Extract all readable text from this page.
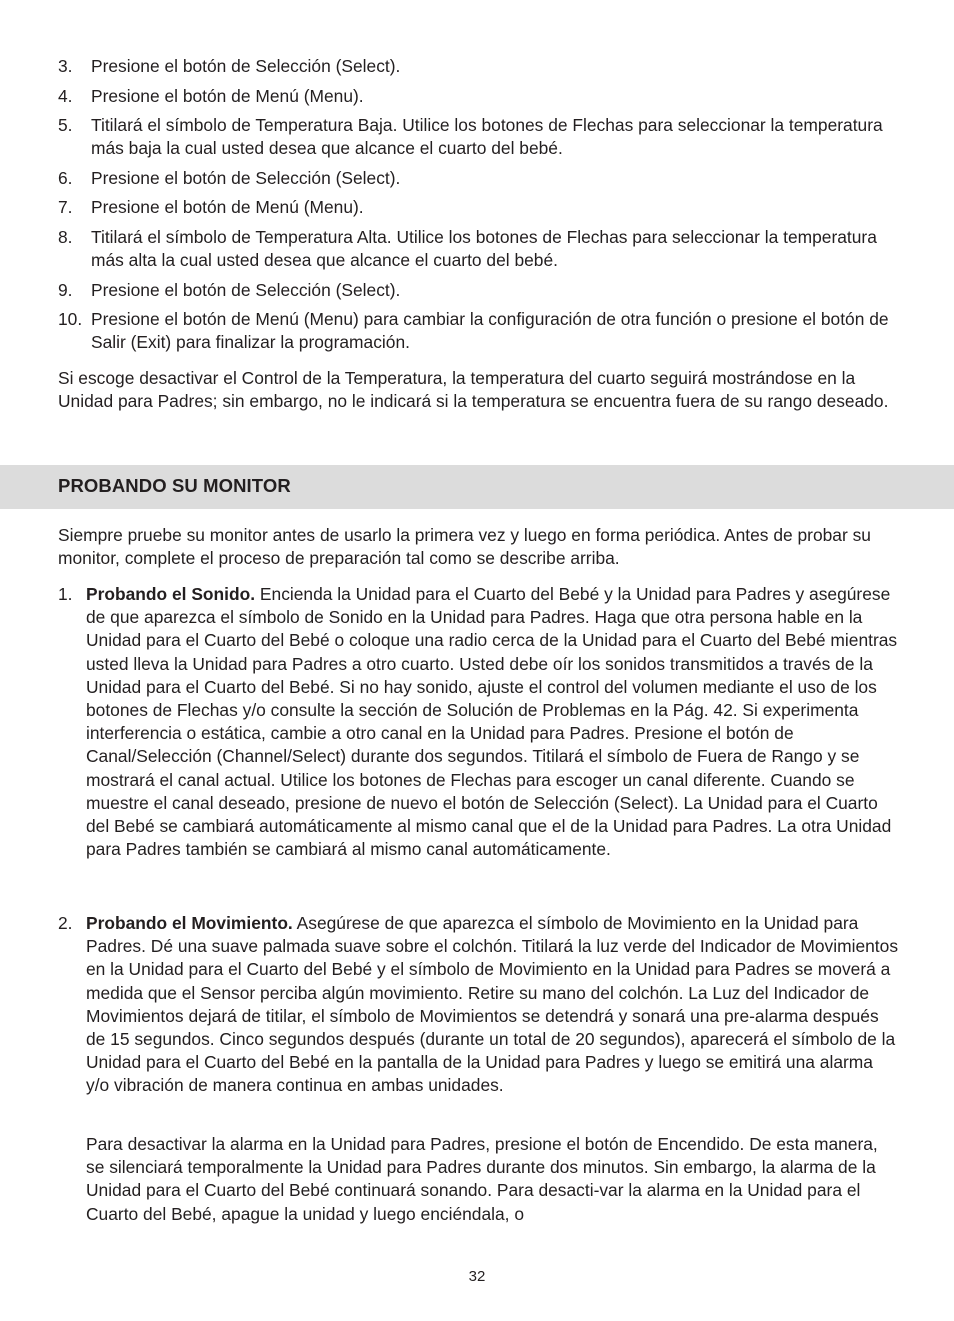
3. Presione el botón de Selección (Select).
4. Presione el botón de Menú (Menu).
5. Titilará el símbolo de Temperatura Baja. Utilice los botones de Flechas para seleccionar la temperatura más baja la cual usted desea que alcance el cuarto del bebé.
6. Presione el botón de Selección (Select).
7. Presione el botón de Menú (Menu).
8. Titilará el símbolo de Temperatura Alta. Utilice los botones de Flechas para seleccionar la temperatura más alta la cual usted desea que alcance el cuarto del bebé.
9. Presione el botón de Selección (Select).
10. Presione el botón de Menú (Menu) para cambiar la configuración de otra función o presione el botón de Salir (Exit) para finalizar la programación.
Si escoge desactivar el Control de la Temperatura, la temperatura del cuarto seguirá mostrándose en la Unidad para Padres; sin embargo, no le indicará si la temperatura se encuentra fuera de su rango deseado.
PROBANDO SU MONITOR
Siempre pruebe su monitor antes de usarlo la primera vez y luego en forma periódica. Antes de probar su monitor, complete el proceso de preparación tal como se describe arriba.
1. Probando el Sonido. Encienda la Unidad para el Cuarto del Bebé y la Unidad para Padres y asegúrese de que aparezca el símbolo de Sonido en la Unidad para Padres. Haga que otra persona hable en la Unidad para el Cuarto del Bebé o coloque una radio cerca de la Unidad para el Cuarto del Bebé mientras usted lleva la Unidad para Padres a otro cuarto. Usted debe oír los sonidos transmitidos a través de la Unidad para el Cuarto del Bebé. Si no hay sonido, ajuste el control del volumen mediante el uso de los botones de Flechas y/o consulte la sección de Solución de Problemas en la Pág. 42. Si experimenta interferencia o estática, cambie a otro canal en la Unidad para Padres. Presione el botón de Canal/Selección (Channel/Select) durante dos segundos. Titilará el símbolo de Fuera de Rango y se mostrará el canal actual. Utilice los botones de Flechas para escoger un canal diferente. Cuando se muestre el canal deseado, presione de nuevo el botón de Selección (Select). La Unidad para el Cuarto del Bebé se cambiará automáticamente al mismo canal que el de la Unidad para Padres. La otra Unidad para Padres también se cambiará al mismo canal automáticamente.
2. Probando el Movimiento. Asegúrese de que aparezca el símbolo de Movimiento en la Unidad para Padres. Dé una suave palmada suave sobre el colchón. Titilará la luz verde del Indicador de Movimientos en la Unidad para el Cuarto del Bebé y el símbolo de Movimiento en la Unidad para Padres se moverá a medida que el Sensor perciba algún movimiento. Retire su mano del colchón. La Luz del Indicador de Movimientos dejará de titilar, el símbolo de Movimientos se detendrá y sonará una pre-alarma después de 15 segundos. Cinco segundos después (durante un total de 20 segundos), aparecerá el símbolo de la Unidad para el Cuarto del Bebé en la pantalla de la Unidad para Padres y luego se emitirá una alarma y/o vibración de manera continua en ambas unidades.
Para desactivar la alarma en la Unidad para Padres, presione el botón de Encendido. De esta manera, se silenciará temporalmente la Unidad para Padres durante dos minutos. Sin embargo, la alarma de la Unidad para el Cuarto del Bebé continuará sonando. Para desacti-var la alarma en la Unidad para el Cuarto del Bebé, apague la unidad y luego enciéndala, o
32
